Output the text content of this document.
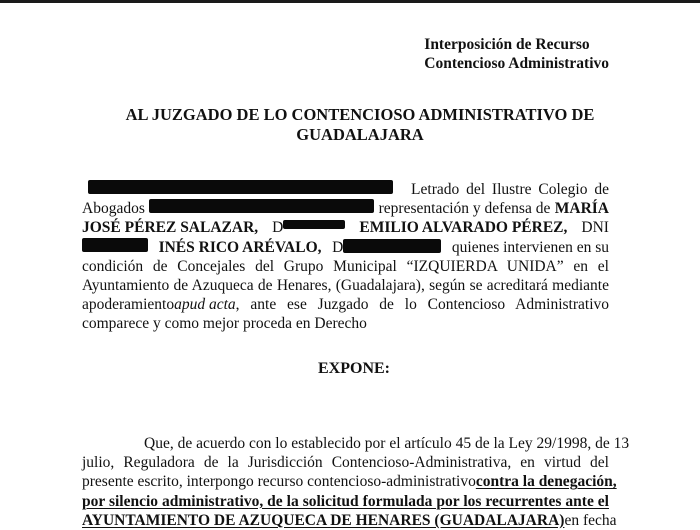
Interposición de Recurso
Contencioso Administrativo
AL JUZGADO DE LO CONTENCIOSO ADMINISTRATIVO DE
GUADALAJARA
Letrado del Ilustre Colegio de
Abogados	representación y defensa de MARÍA
JOSÉ PÉREZ SALAZAR, D	EMILIO ALVARADO PÉREZ, DNI
INÉS RICO ARÉVALO, D	quienes intervienen en su
condición de Concejales del Grupo Municipal “IZQUIERDA UNIDA” en el
Ayuntamiento de Azuqueca de Henares, (Guadalajara), según se acreditará mediante
apoderamiento apud acta , ante ese Juzgado de lo Contencioso Administrativo
comparece y como mejor proceda en Derecho
EXPONE:
Que, de acuerdo con lo establecido por el artículo 45 de la Ley 29/1998, de 13
julio, Reguladora de la Jurisdicción Contencioso-Administrativa, en virtud del
presente escrito, interpongo recurso contencioso-administrativo contra la denegación,
por silencio administrativo, de la solicitud formulada por los recurrentes ante el
AYUNTAMIENTO DE AZUQUECA DE HENARES (GUADALAJARA) en fecha
